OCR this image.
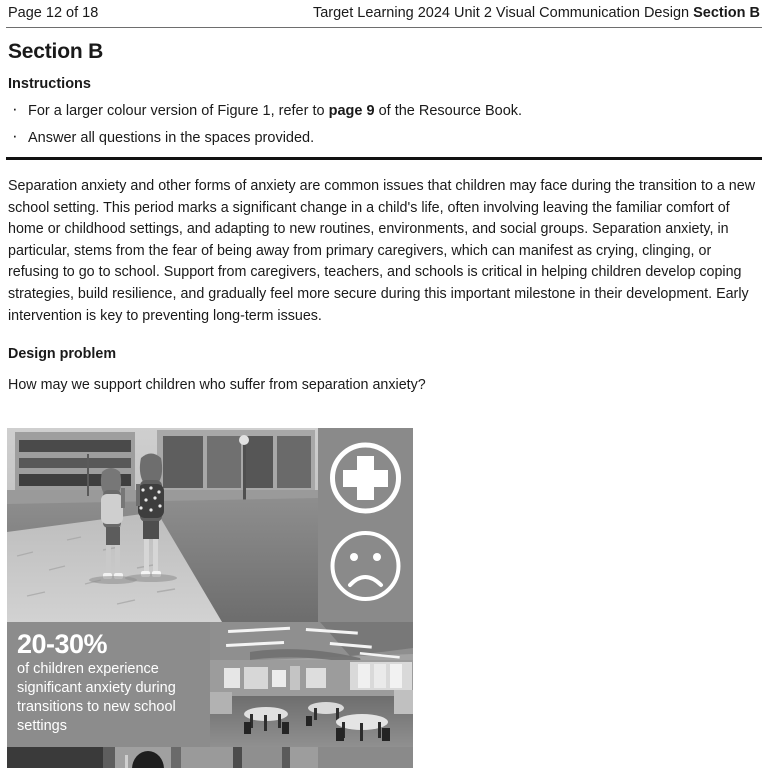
Page 12 of 18	Target Learning 2024 Unit 2 Visual Communication Design Section B
Section B
Instructions
· For a larger colour version of Figure 1, refer to page 9 of the Resource Book.
· Answer all questions in the spaces provided.
Separation anxiety and other forms of anxiety are common issues that children may face during the transition to a new school setting. This period marks a significant change in a child's life, often involving leaving the familiar comfort of home or childhood settings, and adapting to new routines, environments, and social groups. Separation anxiety, in particular, stems from the fear of being away from primary caregivers, which can manifest as crying, clinging, or refusing to go to school. Support from caregivers, teachers, and schools is critical in helping children develop coping strategies, build resilience, and gradually feel more secure during this important milestone in their development. Early intervention is key to preventing long-term issues.
Design problem
How may we support children who suffer from separation anxiety?
20-30%
of children experience significant anxiety during transitions to new school settings
